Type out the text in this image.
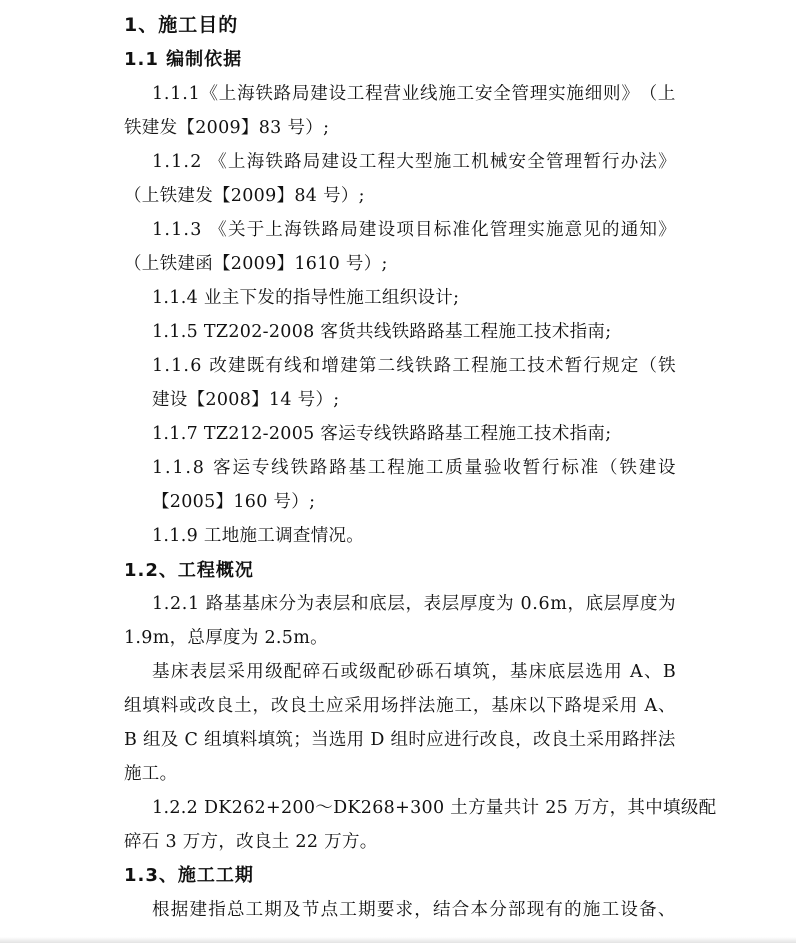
1、施工目的
1.1 编制依据
1 . 1 . 1 《 上 海 铁 路 局 建 设 工 程 营 业 线 施 工 安 全 管 理 实 施 细 则 》 （ 上
铁建发【2009】83 号）;
1 . 1 . 2
《 上 海 铁 路 局 建 设 工 程 大 型 施 工 机 械 安 全 管 理 暂 行 办 法 》
（上铁建发【2009】84 号）;
1 . 1 . 3
《 关 于 上 海 铁 路 局 建 设 项 目 标 准 化 管 理 实 施 意 见 的 通 知 》
（上铁建函【2009】1610 号）;
1.1.4 业主下发的指导性施工组织设计;
1.1.5 TZ202-2008 客货共线铁路路基工程施工技术指南;
1 . 1 . 6
改 建 既 有 线 和 增 建 第 二 线 铁 路 工 程 施 工 技 术 暂 行 规 定 （ 铁
建设【2008】14 号）;
1.1.7 TZ212-2005 客运专线铁路路基工程施工技术指南;
1 . 1 . 8
客 运 专 线 铁 路 路 基 工 程 施 工 质 量 验 收 暂 行 标 准 （ 铁 建 设
【2005】160 号）;
1.1.9 工地施工调查情况。
1.2、工程概况
1 . 2 . 1
路 基 基 床 分 为 表 层 和 底 层 ， 表 层 厚 度 为
0 . 6 m ， 底 层 厚 度 为
1.9m，总厚度为 2.5m。
基 床 表 层 采 用 级 配 碎 石 或 级 配 砂 砾 石 填 筑 ， 基 床 底 层 选 用
A 、 B
组 填 料 或 改 良 土 ， 改 良 土 应 采 用 场 拌 法 施 工 ， 基 床 以 下 路 堤 采 用
A 、
B
组 及
C
组 填 料 填 筑 ； 当 选 用
D
组 时 应 进 行 改 良 ， 改 良 土 采 用 路 拌 法
施工。
1 . 2 . 2
D K 2 6 2 + 2 0 0 ～ D K 2 6 8 + 3 0 0
土 方 量 共 计
2 5
万 方 ， 其 中 填 级 配
碎石 3 万方，改良土 22 万方。
1.3、施工工期
根 据 建 指 总 工 期 及 节 点 工 期 要 求 ， 结 合 本 分 部 现 有 的 施 工 设 备 、
